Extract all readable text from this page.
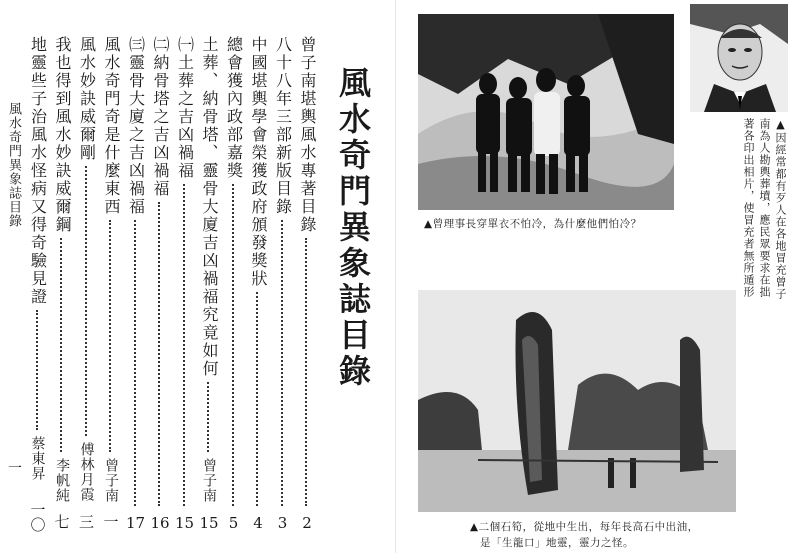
曾子南堪輿風水專著目錄
2
八十八年三部新版目錄
3
中國堪輿學會榮獲政府頒發獎狀
4
總會獲內政部嘉獎
5
土葬、納骨塔、靈骨大廈吉凶禍福究竟如何
曾子南
15
㈠土葬之吉凶禍福
15
㈡納骨塔之吉凶禍福
16
㈢靈骨大廈之吉凶禍福
17
風水奇門奇是什麼東西
曾子南
一
風水妙訣威爾剛
傅林月霞
三
我也得到風水妙訣威爾鋼
李帆純
七
地靈些子治風水怪病又得奇驗見證
蔡東昇
一〇
風水奇門異象誌目錄
風水奇門異象誌目錄
一
▲曾理事長穿單衣不怕冷，為什麼他們怕冷？	▲因經常都有歹人在各地冒充曾子南為人勘輿葬墳，應民眾要求在拙著各印出相片，使冒充者無所遁形
▲二個石筍，從地中生出，每年長高石中出油，
是「生龍口」地靈，靈力之怪。
